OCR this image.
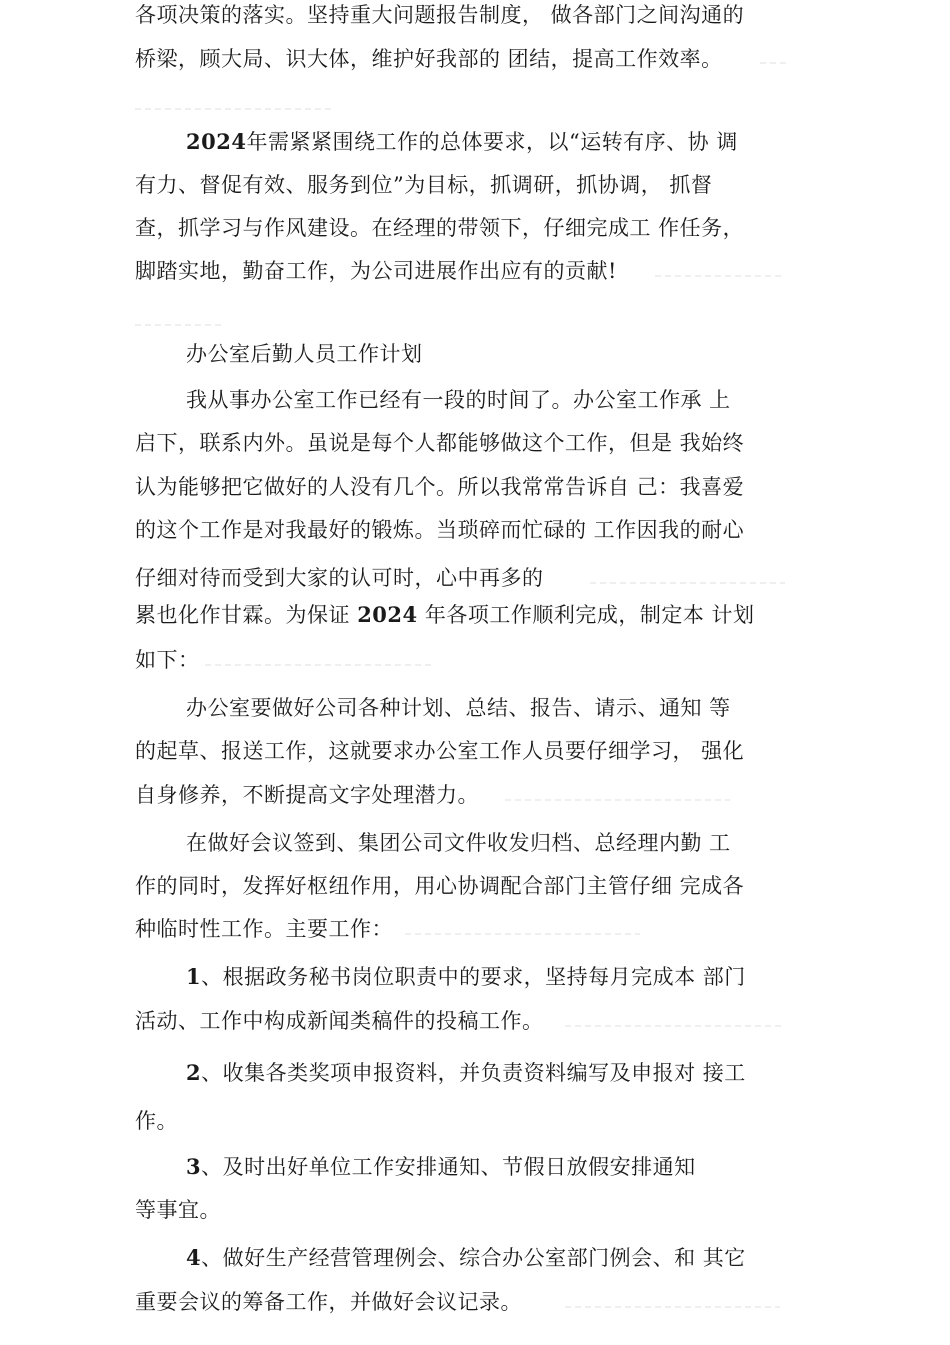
各项决策的落实。坚持重大问题报告制度， 做各部门之间沟通的
桥梁，顾大局、识大体，维护好我部的 团结，提高工作效率。
2024年需紧紧围绕工作的总体要求，以“运转有序、协 调
有力、督促有效、服务到位”为目标，抓调研，抓协调， 抓督
查，抓学习与作风建设。在经理的带领下，仔细完成工 作任务，
脚踏实地，勤奋工作，为公司进展作出应有的贡献!
办公室后勤人员工作计划
我从事办公室工作已经有一段的时间了。办公室工作承 上
启下，联系内外。虽说是每个人都能够做这个工作，但是 我始终
认为能够把它做好的人没有几个。所以我常常告诉自 己：我喜爱
的这个工作是对我最好的锻炼。当琐碎而忙碌的 工作因我的耐心
仔细对待而受到大家的认可时，心中再多的
累也化作甘霖。为保证 2024 年各项工作顺利完成，制定本 计划
如下：
办公室要做好公司各种计划、总结、报告、请示、通知 等
的起草、报送工作，这就要求办公室工作人员要仔细学习， 强化
自身修养，不断提高文字处理潜力。
在做好会议签到、集团公司文件收发归档、总经理内勤 工
作的同时，发挥好枢纽作用，用心协调配合部门主管仔细 完成各
种临时性工作。主要工作：
1、根据政务秘书岗位职责中的要求，坚持每月完成本 部门
活动、工作中构成新闻类稿件的投稿工作。
2、收集各类奖项申报资料，并负责资料编写及申报对 接工
作。
3、及时出好单位工作安排通知、节假日放假安排通知
等事宜。
4、做好生产经营管理例会、综合办公室部门例会、和 其它
重要会议的筹备工作，并做好会议记录。
